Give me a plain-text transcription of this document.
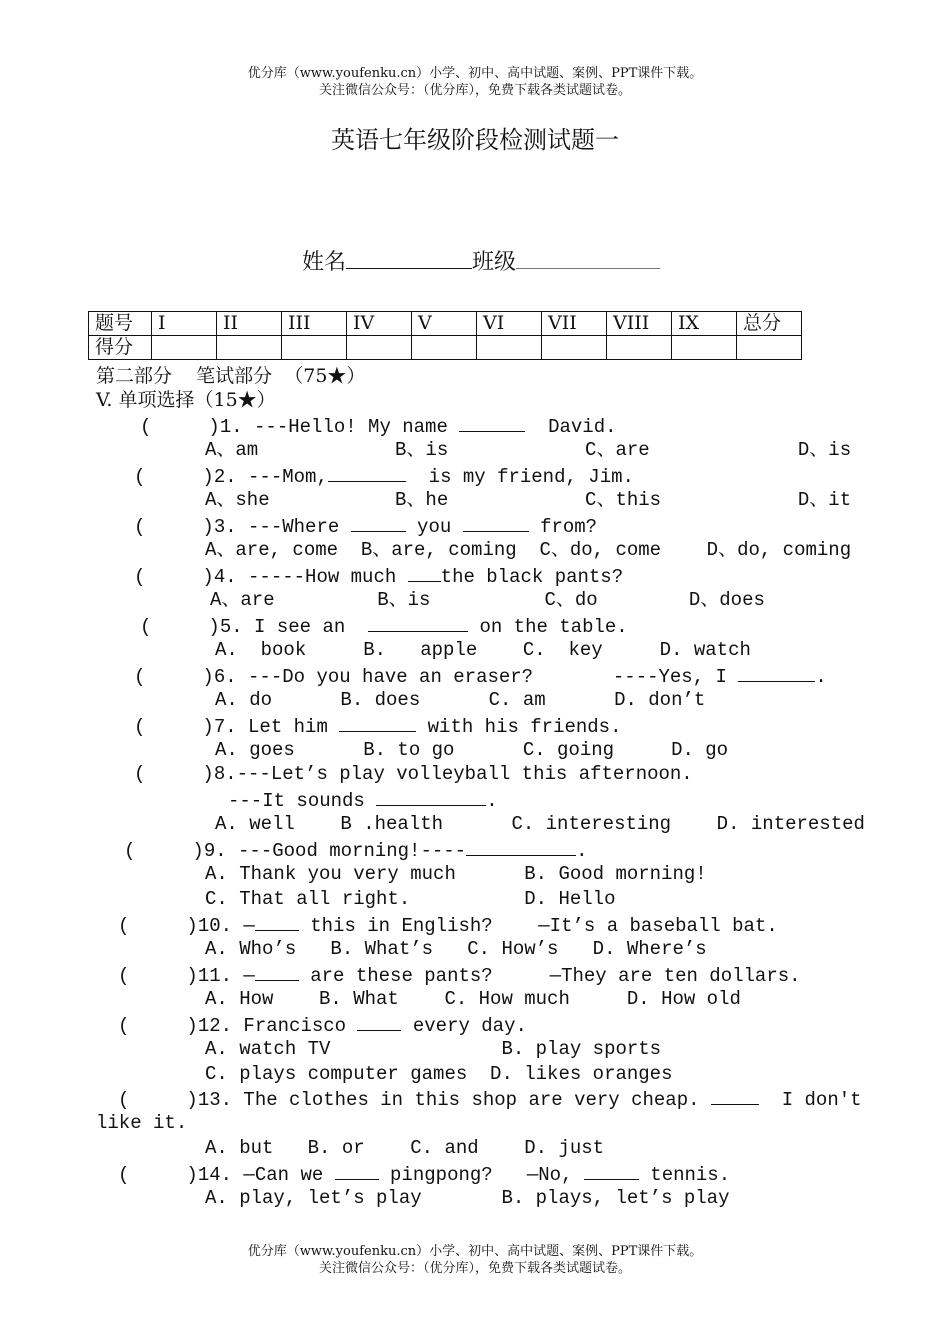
优分库（www.youfenku.cn）小学、初中、高中试题、案例、PPT课件下载。
关注微信公众号：（优分库），免费下载各类试题试卷。
英语七年级阶段检测试题一

姓名	班级

题号	I	II	III	IV	V	VI	VII	VIII	IX	总分
得分										
第二部分    笔试部分  （75★）
V. 单项选择（15★）
(     )1. ---Hello! My name	David.
A、am            B、is            C、are             D、is
(     )2. ---Mom,	is my friend, Jim.
A、she           B、he            C、this            D、it
(     )3. ---Where	you	from?
A、are, come  B、are, coming  C、do, come    D、do, coming
(     )4. -----How much the black pants?
A、are         B、is          C、do        D、does
(     )5. I see an	on the table.
A.  book     B.   apple    C.  key     D. watch
(     )6. ---Do you have an eraser?       ----Yes, I	.
A. do      B. does      C. am      D. don’t
(     )7. Let him	with his friends.
A. goes      B. to go      C. going     D. go
(     )8.---Let’s play volleyball this afternoon.
---It sounds	.
A. well    B .health      C. interesting    D. interested
(     )9. ---Good morning!----	.
A. Thank you very much      B. Good morning!
C. That all right.          D. Hello
(     )10. — this in English?    —It’s a baseball bat.
A. Who’s   B. What’s   C. How’s   D. Where’s
(     )11. — are these pants?     —They are ten dollars.
A. How    B. What    C. How much     D. How old
(     )12. Francisco  every day.
A. watch TV               B. play sports
C. plays computer games  D. likes oranges
(     )13. The clothes in this shop are very cheap.	I don't
like it.
A. but   B. or    C. and    D. just
(     )14. —Can we  pingpong?   —No,	tennis.
A. play, let’s play       B. plays, let’s play
优分库（www.youfenku.cn）小学、初中、高中试题、案例、PPT课件下载。
关注微信公众号：（优分库），免费下载各类试题试卷。
